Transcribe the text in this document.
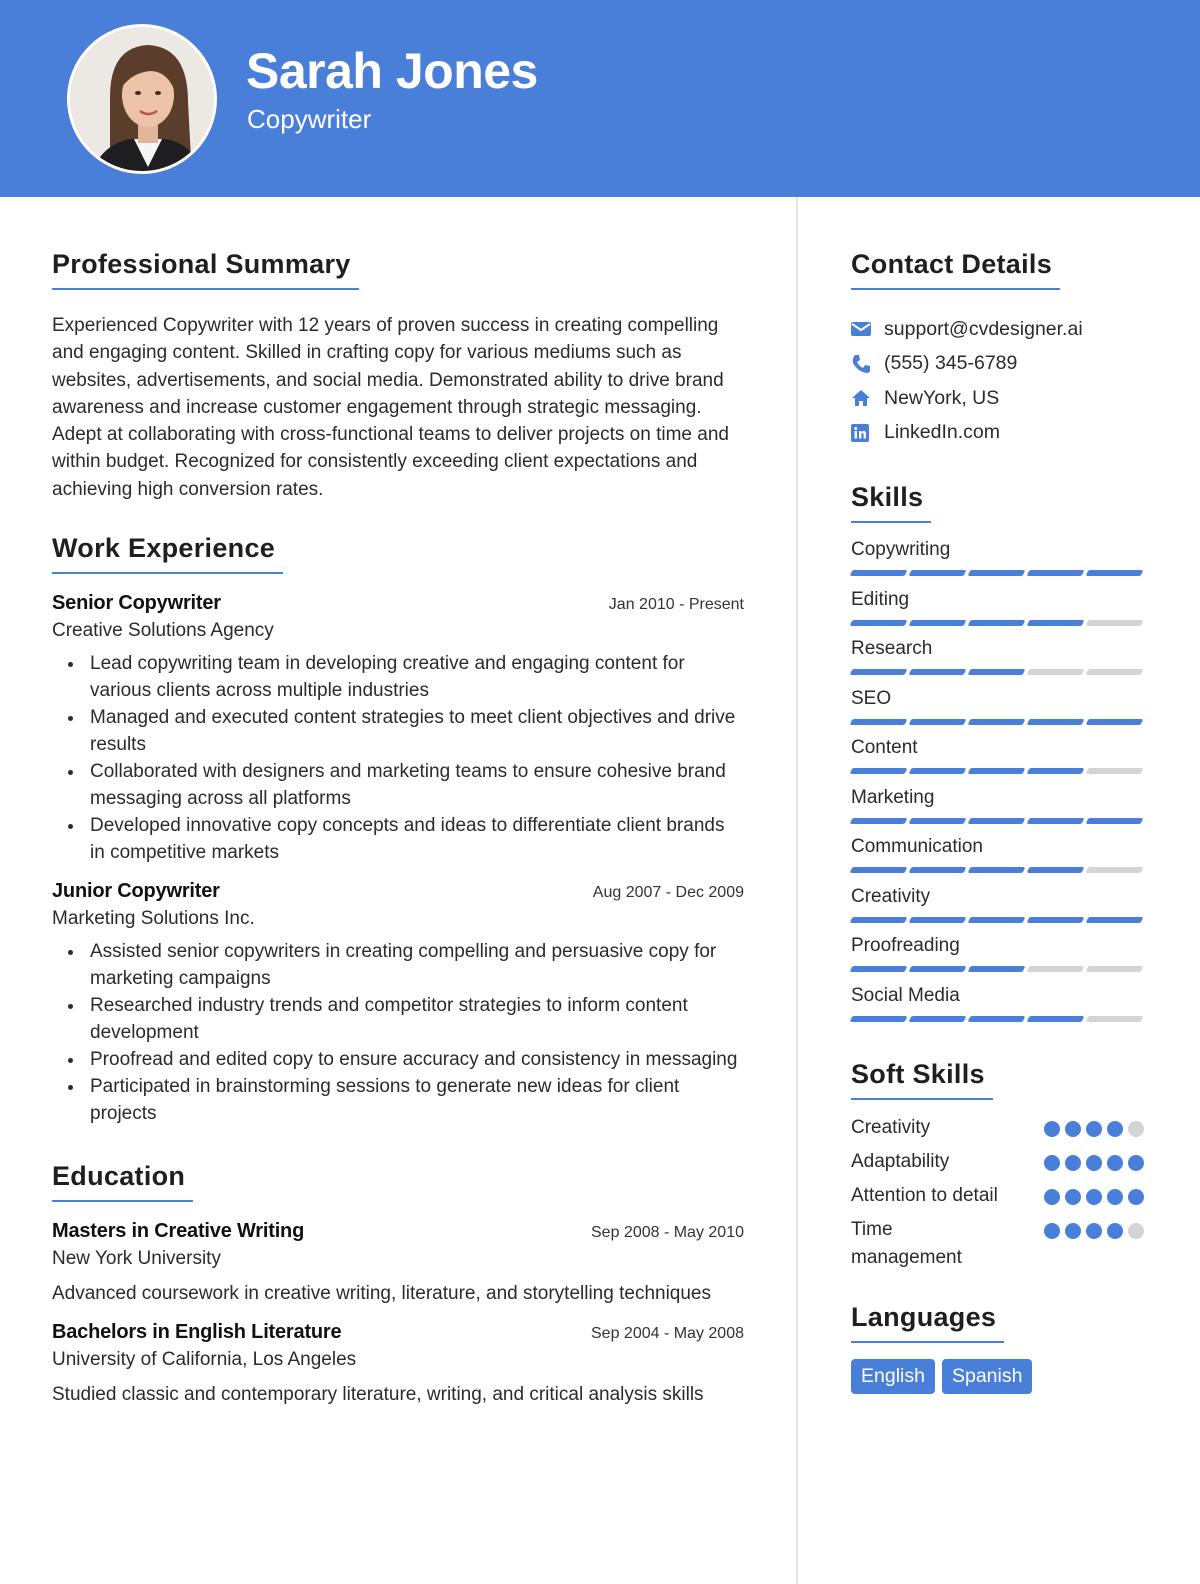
Sarah Jones
Copywriter
Professional Summary

Experienced Copywriter with 12 years of proven success in creating compelling and engaging content. Skilled in crafting copy for various mediums such as websites, advertisements, and social media. Demonstrated ability to drive brand awareness and increase customer engagement through strategic messaging. Adept at collaborating with cross-functional teams to deliver projects on time and within budget. Recognized for consistently exceeding client expectations and achieving high conversion rates.

Work Experience
Senior Copywriter	Jan 2010 - Present
Creative Solutions Agency
Lead copywriting team in developing creative and engaging content for various clients across multiple industries
Managed and executed content strategies to meet client objectives and drive results
Collaborated with designers and marketing teams to ensure cohesive brand messaging across all platforms
Developed innovative copy concepts and ideas to differentiate client brands in competitive markets
Junior Copywriter	Aug 2007 - Dec 2009
Marketing Solutions Inc.
Assisted senior copywriters in creating compelling and persuasive copy for marketing campaigns
Researched industry trends and competitor strategies to inform content development
Proofread and edited copy to ensure accuracy and consistency in messaging
Participated in brainstorming sessions to generate new ideas for client projects
Education
Masters in Creative Writing	Sep 2008 - May 2010
New York University

Advanced coursework in creative writing, literature, and storytelling techniques

Bachelors in English Literature	Sep 2004 - May 2008
University of California, Los Angeles

Studied classic and contemporary literature, writing, and critical analysis skills

Contact Details
support@cvdesigner.ai
(555) 345-6789
NewYork, US
LinkedIn.com
Skills
Copywriting
Editing
Research
SEO
Content
Marketing
Communication
Creativity
Proofreading
Social Media
Soft Skills
Creativity
Adaptability
Attention to detail
Time management
Languages
English	Spanish
